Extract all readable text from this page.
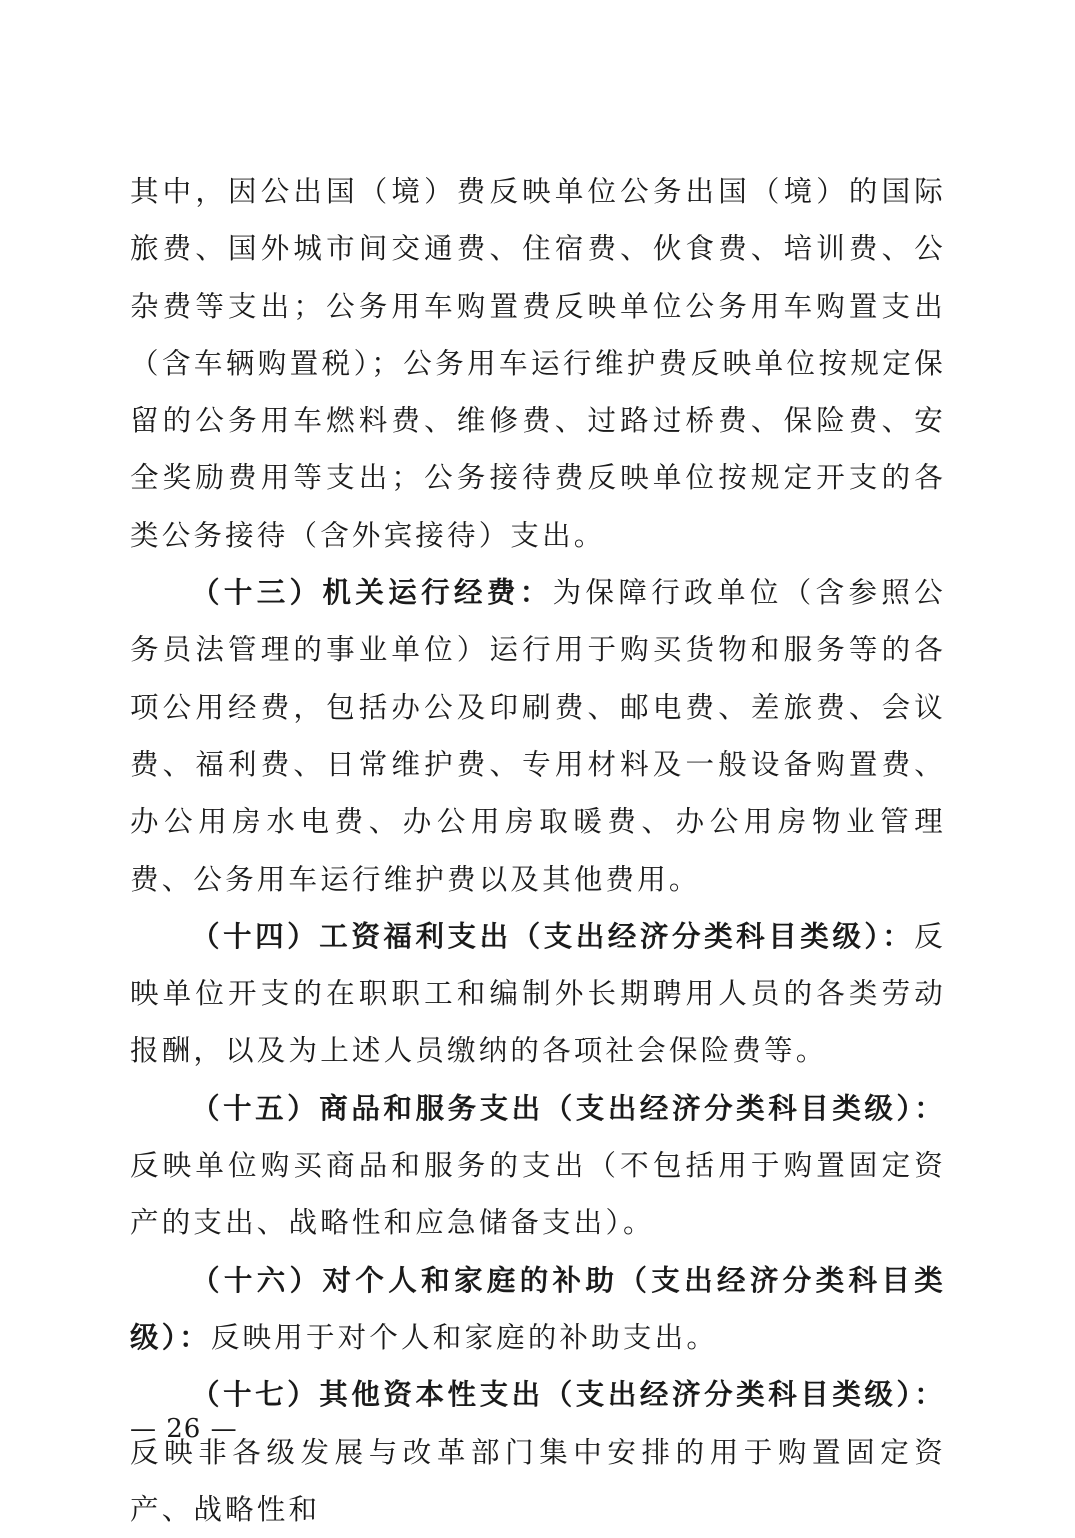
其中，因公出国（境）费反映单位公务出国（境）的国际旅费、国外城市间交通费、住宿费、伙食费、培训费、公杂费等支出；公务用车购置费反映单位公务用车购置支出（含车辆购置税）；公务用车运行维护费反映单位按规定保留的公务用车燃料费、维修费、过路过桥费、保险费、安全奖励费用等支出；公务接待费反映单位按规定开支的各类公务接待（含外宾接待）支出。

（十三）机关运行经费：为保障行政单位（含参照公务员法管理的事业单位）运行用于购买货物和服务等的各项公用经费，包括办公及印刷费、邮电费、差旅费、会议费、福利费、日常维护费、专用材料及一般设备购置费、办公用房水电费、办公用房取暖费、办公用房物业管理费、公务用车运行维护费以及其他费用。

（十四）工资福利支出（支出经济分类科目类级）：反映单位开支的在职职工和编制外长期聘用人员的各类劳动报酬，以及为上述人员缴纳的各项社会保险费等。

（十五）商品和服务支出（支出经济分类科目类级）：反映单位购买商品和服务的支出（不包括用于购置固定资产的支出、战略性和应急储备支出）。

（十六）对个人和家庭的补助（支出经济分类科目类级）：反映用于对个人和家庭的补助支出。

（十七）其他资本性支出（支出经济分类科目类级）：反映非各级发展与改革部门集中安排的用于购置固定资产、战略性和

— 26 —
